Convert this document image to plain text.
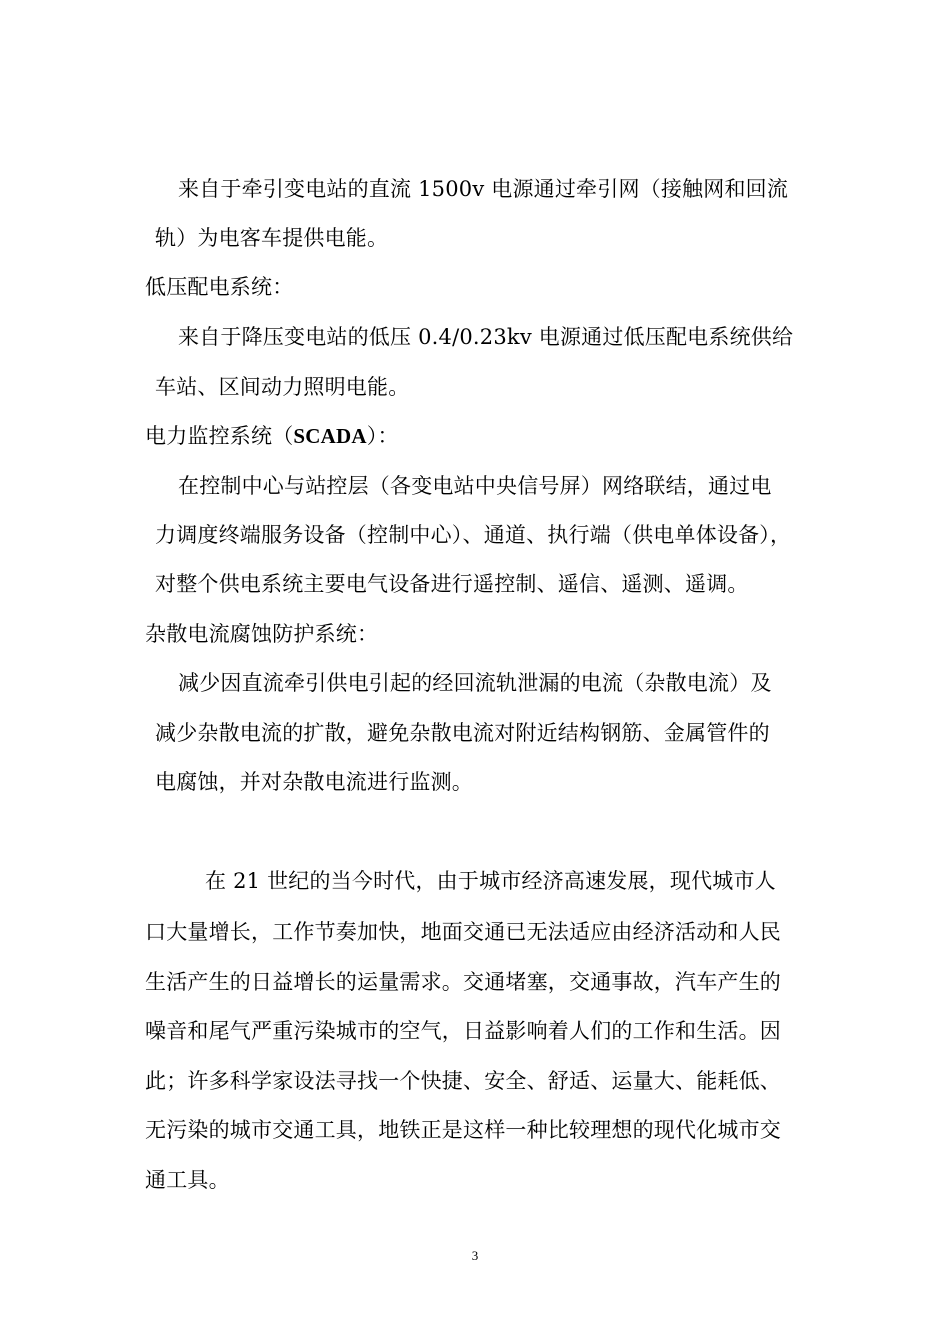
来自于牵引变电站的直流 1500v 电源通过牵引网（接触网和回流
轨）为电客车提供电能。
低压配电系统：
来自于降压变电站的低压 0.4/0.23kv 电源通过低压配电系统供给
车站、区间动力照明电能。
电力监控系统（SCADA）：
在控制中心与站控层（各变电站中央信号屏）网络联结，通过电
力调度终端服务设备（控制中心）、通道、执行端（供电单体设备），
对整个供电系统主要电气设备进行遥控制、遥信、遥测、遥调。
杂散电流腐蚀防护系统：
减少因直流牵引供电引起的经回流轨泄漏的电流（杂散电流）及
减少杂散电流的扩散，避免杂散电流对附近结构钢筋、金属管件的
电腐蚀，并对杂散电流进行监测。
在 21 世纪的当今时代，由于城市经济高速发展，现代城市人
口大量增长，工作节奏加快，地面交通已无法适应由经济活动和人民
生活产生的日益增长的运量需求。交通堵塞，交通事故，汽车产生的
噪音和尾气严重污染城市的空气，日益影响着人们的工作和生活。因
此；许多科学家设法寻找一个快捷、安全、舒适、运量大、能耗低、
无污染的城市交通工具，地铁正是这样一种比较理想的现代化城市交
通工具。
3
